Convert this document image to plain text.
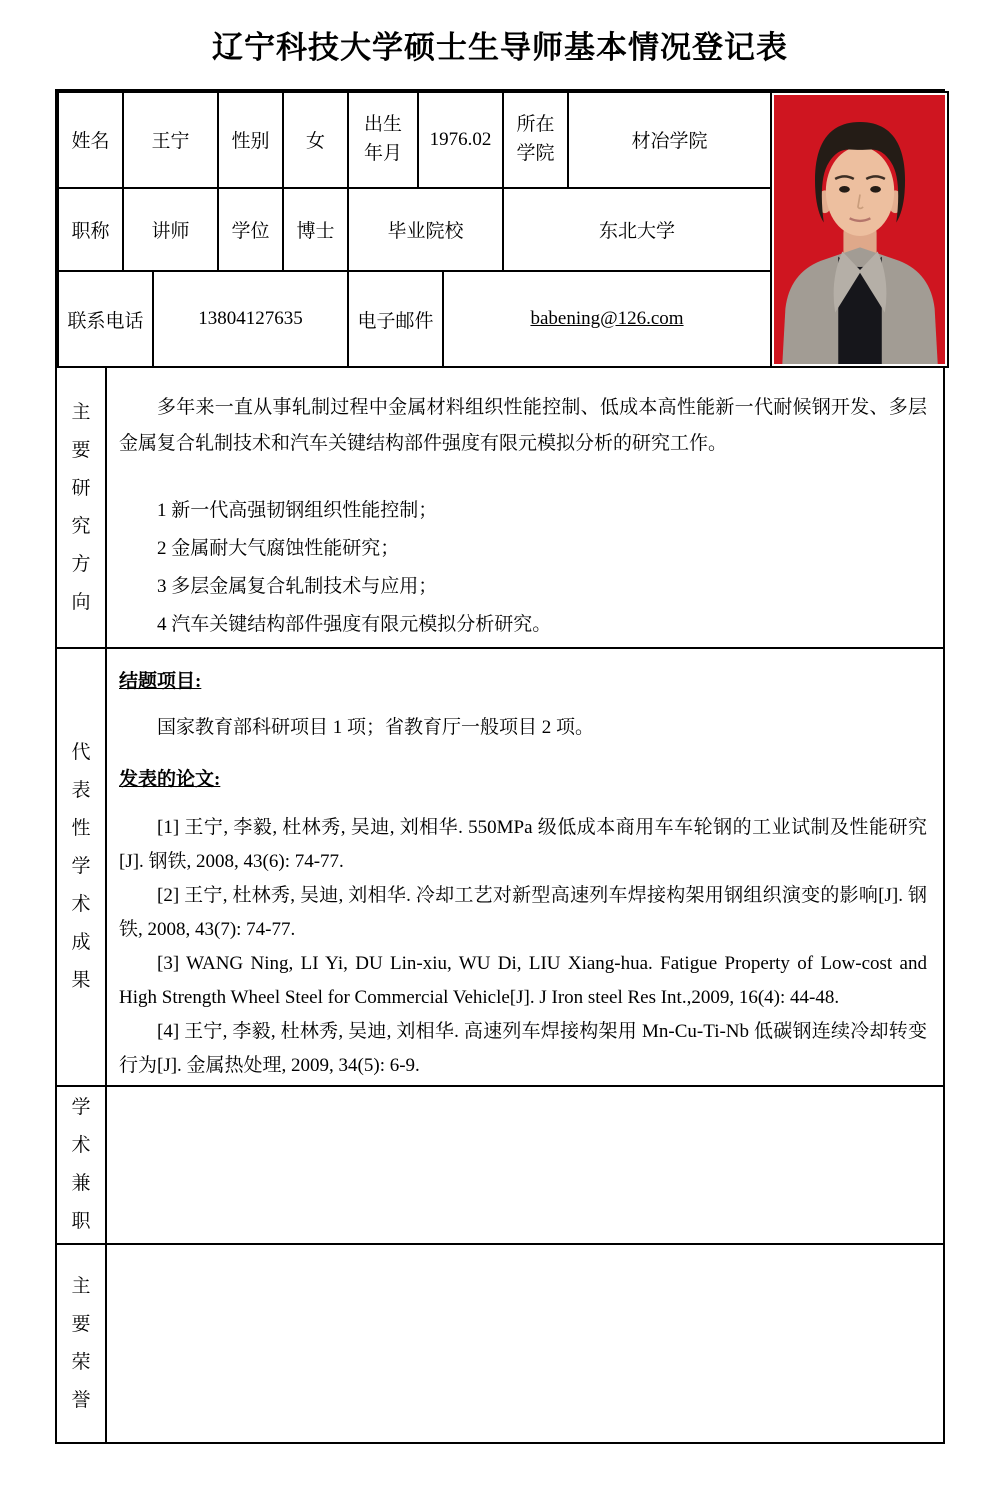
辽宁科技大学硕士生导师基本情况登记表
姓名	王宁		性别	女	出生年月	1976.02		所在学院	材冶学院	

职称	讲师		学位	博士	毕业院校			东北大学		
联系电话		13804127635			电子邮件		babening@126.com			
主要研究方向

多年来一直从事轧制过程中金属材料组织性能控制、低成本高性能新一代耐候钢开发、多层金属复合轧制技术和汽车关键结构部件强度有限元模拟分析的研究工作。

1 新一代高强韧钢组织性能控制；
2 金属耐大气腐蚀性能研究；
3 多层金属复合轧制技术与应用；
4 汽车关键结构部件强度有限元模拟分析研究。
代表性学术成果
结题项目:

国家教育部科研项目 1 项；省教育厅一般项目 2 项。

发表的论文:

[1] 王宁, 李毅, 杜林秀, 吴迪, 刘相华. 550MPa 级低成本商用车车轮钢的工业试制及性能研究[J]. 钢铁, 2008, 43(6): 74-77.

[2] 王宁, 杜林秀, 吴迪, 刘相华. 冷却工艺对新型高速列车焊接构架用钢组织演变的影响[J]. 钢铁, 2008, 43(7): 74-77.

[3] WANG Ning, LI Yi, DU Lin-xiu, WU Di, LIU Xiang-hua. Fatigue Property of Low-cost and High Strength Wheel Steel for Commercial Vehicle[J]. J Iron steel Res Int.,2009, 16(4): 44-48.

[4] 王宁, 李毅, 杜林秀, 吴迪, 刘相华. 高速列车焊接构架用 Mn-Cu-Ti-Nb 低碳钢连续冷却转变行为[J]. 金属热处理, 2009, 34(5): 6-9.

学术兼职
主要荣誉
